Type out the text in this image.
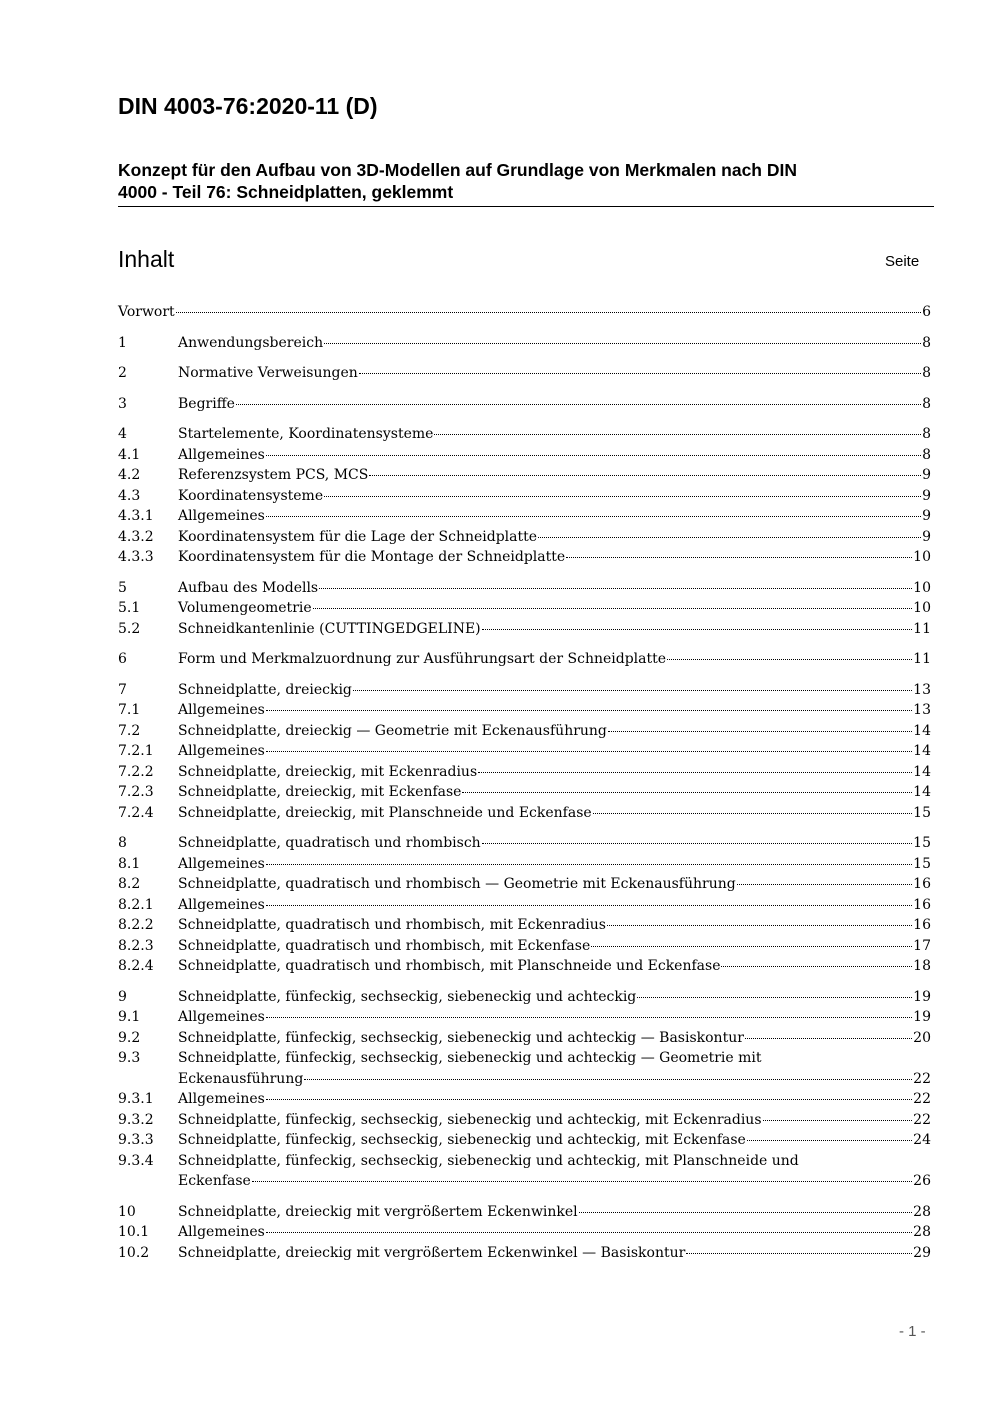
DIN 4003-76:2020-11 (D)
Konzept für den Aufbau von 3D-Modellen auf Grundlage von Merkmalen nach DIN
4000 - Teil 76: Schneidplatten, geklemmt
Inhalt	Seite
Vorwort	6
1	Anwendungsbereich	8
2	Normative Verweisungen	8
3	Begriffe	8
4	Startelemente, Koordinatensysteme	8
4.1	Allgemeines	8
4.2	Referenzsystem PCS, MCS	9
4.3	Koordinatensysteme	9
4.3.1	Allgemeines	9
4.3.2	Koordinatensystem für die Lage der Schneidplatte	9
4.3.3	Koordinatensystem für die Montage der Schneidplatte	10
5	Aufbau des Modells	10
5.1	Volumengeometrie	10
5.2	Schneidkantenlinie (CUTTINGEDGELINE)	11
6	Form und Merkmalzuordnung zur Ausführungsart der Schneidplatte	11
7	Schneidplatte, dreieckig	13
7.1	Allgemeines	13
7.2	Schneidplatte, dreieckig — Geometrie mit Eckenausführung	14
7.2.1	Allgemeines	14
7.2.2	Schneidplatte, dreieckig, mit Eckenradius	14
7.2.3	Schneidplatte, dreieckig, mit Eckenfase	14
7.2.4	Schneidplatte, dreieckig, mit Planschneide und Eckenfase	15
8	Schneidplatte, quadratisch und rhombisch	15
8.1	Allgemeines	15
8.2	Schneidplatte, quadratisch und rhombisch — Geometrie mit Eckenausführung	16
8.2.1	Allgemeines	16
8.2.2	Schneidplatte, quadratisch und rhombisch, mit Eckenradius	16
8.2.3	Schneidplatte, quadratisch und rhombisch, mit Eckenfase	17
8.2.4	Schneidplatte, quadratisch und rhombisch, mit Planschneide und Eckenfase	18
9	Schneidplatte, fünfeckig, sechseckig, siebeneckig und achteckig	19
9.1	Allgemeines	19
9.2	Schneidplatte, fünfeckig, sechseckig, siebeneckig und achteckig — Basiskontur	20
9.3	Schneidplatte, fünfeckig, sechseckig, siebeneckig und achteckig — Geometrie mit
Eckenausführung	22
9.3.1	Allgemeines	22
9.3.2	Schneidplatte, fünfeckig, sechseckig, siebeneckig und achteckig, mit Eckenradius	22
9.3.3	Schneidplatte, fünfeckig, sechseckig, siebeneckig und achteckig, mit Eckenfase	24
9.3.4	Schneidplatte, fünfeckig, sechseckig, siebeneckig und achteckig, mit Planschneide und
Eckenfase	26
10	Schneidplatte, dreieckig mit vergrößertem Eckenwinkel	28
10.1	Allgemeines	28
10.2	Schneidplatte, dreieckig mit vergrößertem Eckenwinkel — Basiskontur	29
- 1 -
